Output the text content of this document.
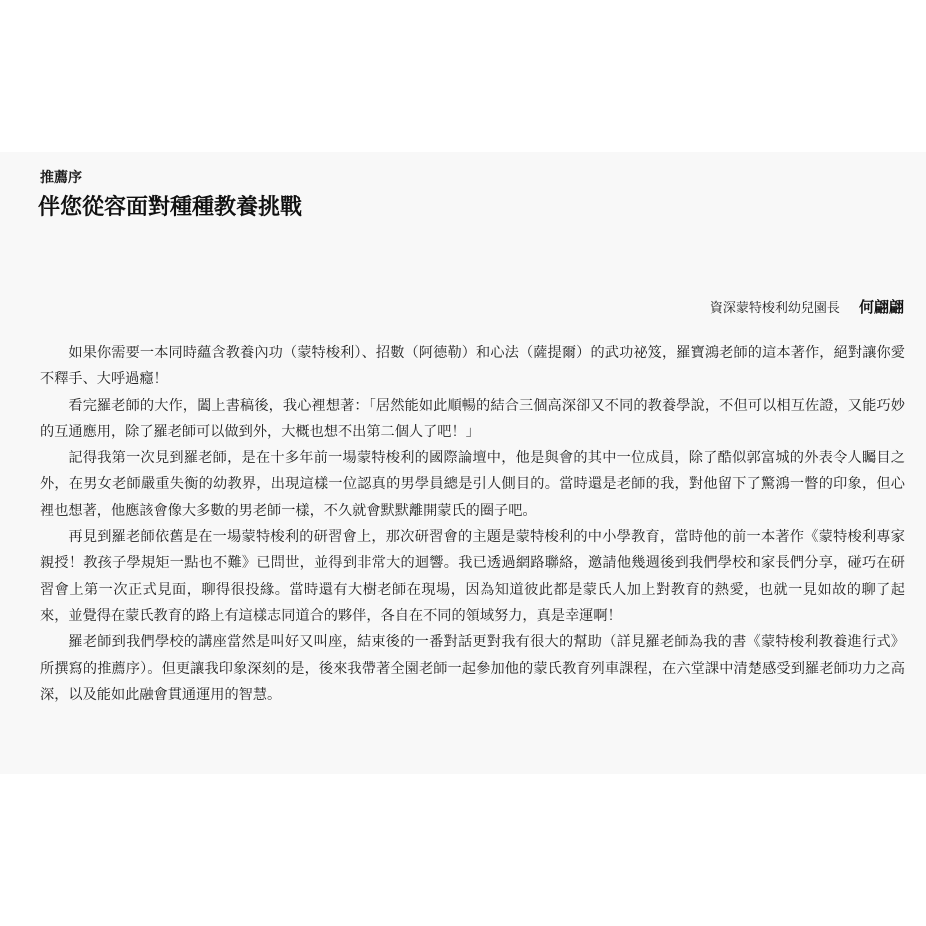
推薦序
伴您從容面對種種教養挑戰
資深蒙特梭利幼兒園長 何翩翩

如果你需要一本同時蘊含教養內功（蒙特梭利）、招數（阿德勒）和心法（薩提爾）的武功祕笈，羅寶鴻老師的這本著作，絕對讓你愛不釋手、大呼過癮！

看完羅老師的大作，闔上書稿後，我心裡想著：「居然能如此順暢的結合三個高深卻又不同的教養學說，不但可以相互佐證，又能巧妙的互通應用，除了羅老師可以做到外，大概也想不出第二個人了吧！」

記得我第一次見到羅老師，是在十多年前一場蒙特梭利的國際論壇中，他是與會的其中一位成員，除了酷似郭富城的外表令人矚目之外，在男女老師嚴重失衡的幼教界，出現這樣一位認真的男學員總是引人側目的。當時還是老師的我，對他留下了驚鴻一瞥的印象，但心裡也想著，他應該會像大多數的男老師一樣，不久就會默默離開蒙氏的圈子吧。

再見到羅老師依舊是在一場蒙特梭利的研習會上，那次研習會的主題是蒙特梭利的中小學教育，當時他的前一本著作《蒙特梭利專家親授！教孩子學規矩一點也不難》已問世，並得到非常大的迴響。我已透過網路聯絡，邀請他幾週後到我們學校和家長們分享，碰巧在研習會上第一次正式見面，聊得很投緣。當時還有大樹老師在現場，因為知道彼此都是蒙氏人加上對教育的熱愛，也就一見如故的聊了起來，並覺得在蒙氏教育的路上有這樣志同道合的夥伴，各自在不同的領域努力，真是幸運啊！

羅老師到我們學校的講座當然是叫好又叫座，結束後的一番對話更對我有很大的幫助（詳見羅老師為我的書《蒙特梭利教養進行式》所撰寫的推薦序）。但更讓我印象深刻的是，後來我帶著全園老師一起參加他的蒙氏教育列車課程，在六堂課中清楚感受到羅老師功力之高深，以及能如此融會貫通運用的智慧。
